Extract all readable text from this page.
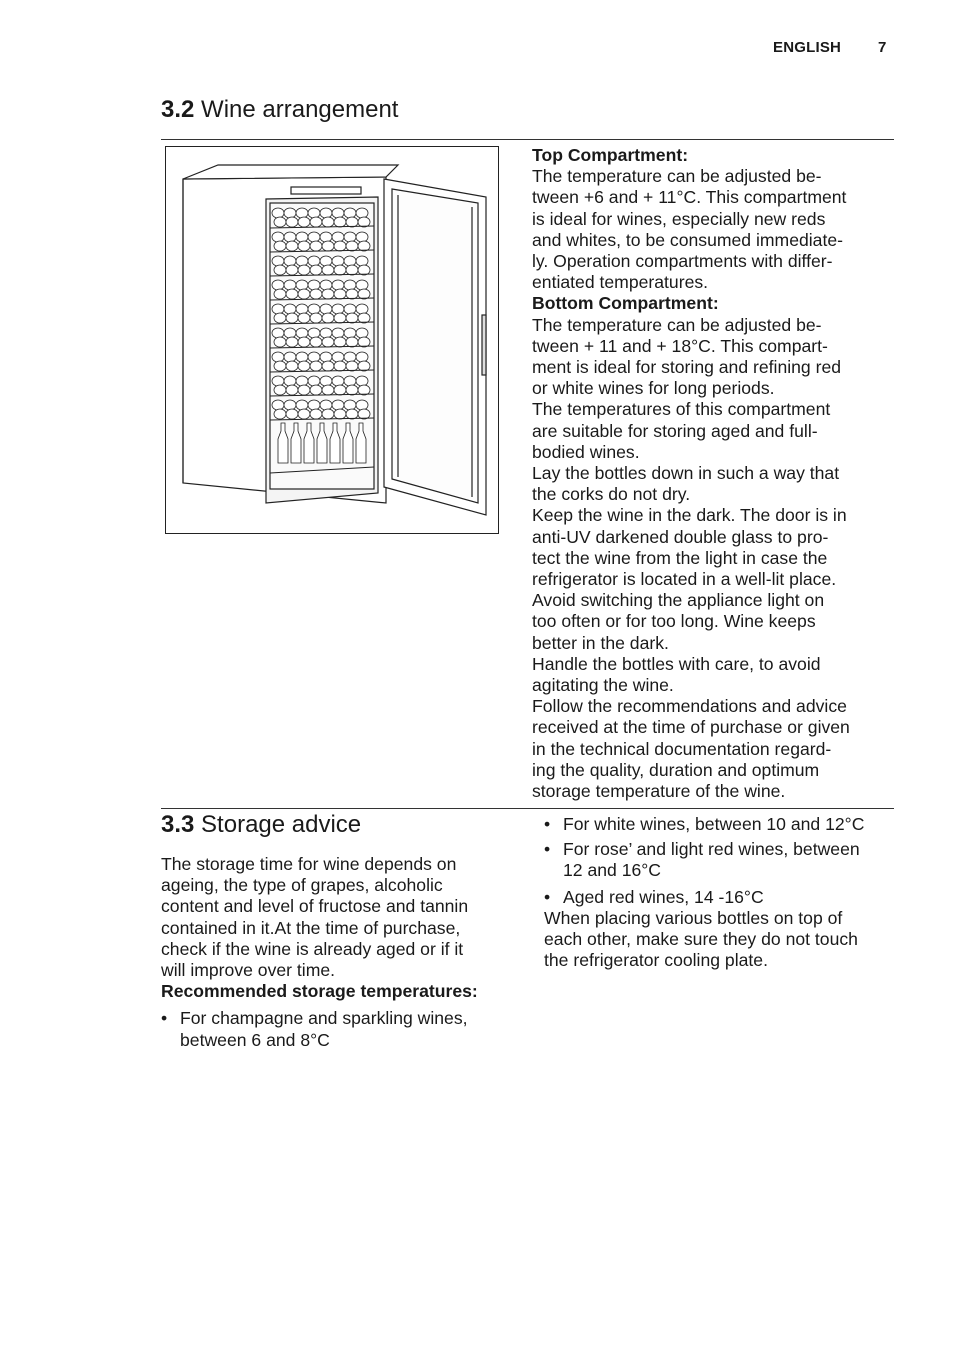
ENGLISH 7
3.2 Wine arrangement

Top Compartment:

The temperature can be adjusted be-

tween +6 and + 11°C. This compartment

is ideal for wines, especially new reds

and whites, to be consumed immediate-

ly. Operation compartments with differ-

entiated temperatures.

Bottom Compartment:

The temperature can be adjusted be-

tween + 11 and + 18°C. This compart-

ment is ideal for storing and refining red

or white wines for long periods.

The temperatures of this compartment

are suitable for storing aged and full-

bodied wines.

Lay the bottles down in such a way that

the corks do not dry.

Keep the wine in the dark. The door is in

anti-UV darkened double glass to pro-

tect the wine from the light in case the

refrigerator is located in a well-lit place.

Avoid switching the appliance light on

too often or for too long. Wine keeps

better in the dark.

Handle the bottles with care, to avoid

agitating the wine.

Follow the recommendations and advice

received at the time of purchase or given

in the technical documentation regard-

ing the quality, duration and optimum

storage temperature of the wine.

3.3 Storage advice

The storage time for wine depends on

ageing, the type of grapes, alcoholic

content and level of fructose and tannin

contained in it.At the time of purchase,

check if the wine is already aged or if it

will improve over time.

Recommended storage temperatures:

• For champagne and sparkling wines,

between 6 and 8°C

• For white wines, between 10 and 12°C

• For rose’ and light red wines, between

12 and 16°C

• Aged red wines, 14 -16°C

When placing various bottles on top of

each other, make sure they do not touch

the refrigerator cooling plate.
